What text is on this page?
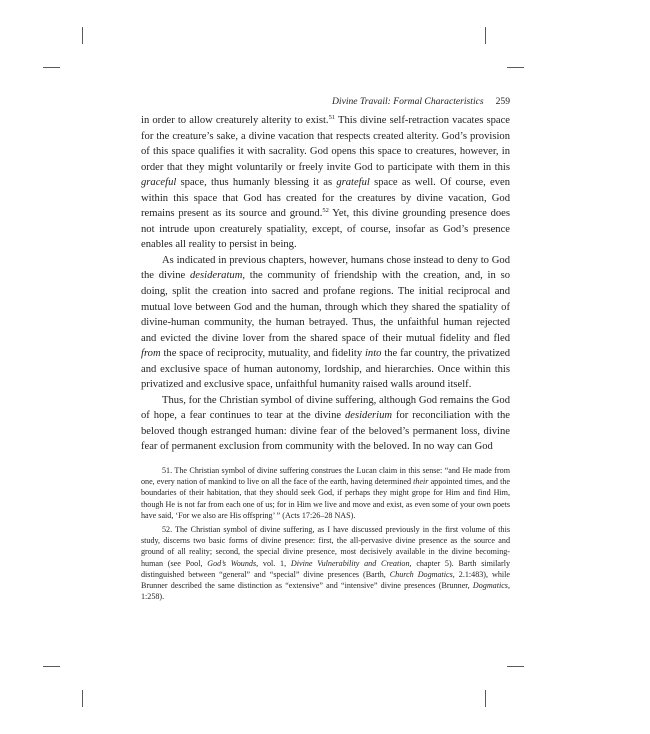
Divine Travail: Formal Characteristics 259

in order to allow creaturely alterity to exist.$^{51}$ This divine self-retraction vacates space for the creature’s sake, a divine vacation that respects created alterity. God’s provision of this space qualifies it with sacrality. God opens this space to creatures, however, in order that they might voluntarily or freely invite God to participate with them in this graceful space, thus humanly blessing it as grateful space as well. Of course, even within this space that God has created for the creatures by divine vacation, God remains present as its source and ground.$^{52}$ Yet, this divine grounding presence does not intrude upon creaturely spatiality, except, of course, insofar as God’s presence enables all reality to persist in being.

As indicated in previous chapters, however, humans chose instead to deny to God the divine desideratum, the community of friendship with the creation, and, in so doing, split the creation into sacred and profane regions. The initial reciprocal and mutual love between God and the human, through which they shared the spatiality of divine-human community, the human betrayed. Thus, the unfaithful human rejected and evicted the divine lover from the shared space of their mutual fidelity and fled from the space of reciprocity, mutuality, and fidelity into the far country, the privatized and exclusive space of human autonomy, lordship, and hierarchies. Once within this privatized and exclusive space, unfaithful humanity raised walls around itself.

Thus, for the Christian symbol of divine suffering, although God remains the God of hope, a fear continues to tear at the divine desiderium for reconciliation with the beloved though estranged human: divine fear of the beloved’s permanent loss, divine fear of permanent exclusion from community with the beloved. In no way can God

51. The Christian symbol of divine suffering construes the Lucan claim in this sense: “and He made from one, every nation of mankind to live on all the face of the earth, having determined their appointed times, and the boundaries of their habitation, that they should seek God, if perhaps they might grope for Him and find Him, though He is not far from each one of us; for in Him we live and move and exist, as even some of your own poets have said, ‘For we also are His offspring’ ” (Acts 17:26–28 NAS).

52. The Christian symbol of divine suffering, as I have discussed previously in the first volume of this study, discerns two basic forms of divine presence: first, the all-pervasive divine presence as the source and ground of all reality; second, the special divine presence, most decisively available in the divine becoming-human (see Pool, God’s Wounds, vol. 1, Divine Vulnerability and Creation, chapter 5). Barth similarly distinguished between “general” and “special” divine presences (Barth, Church Dogmatics, 2.1:483), while Brunner described the same distinction as “extensive” and “intensive” divine presences (Brunner, Dogmatics, 1:258).
